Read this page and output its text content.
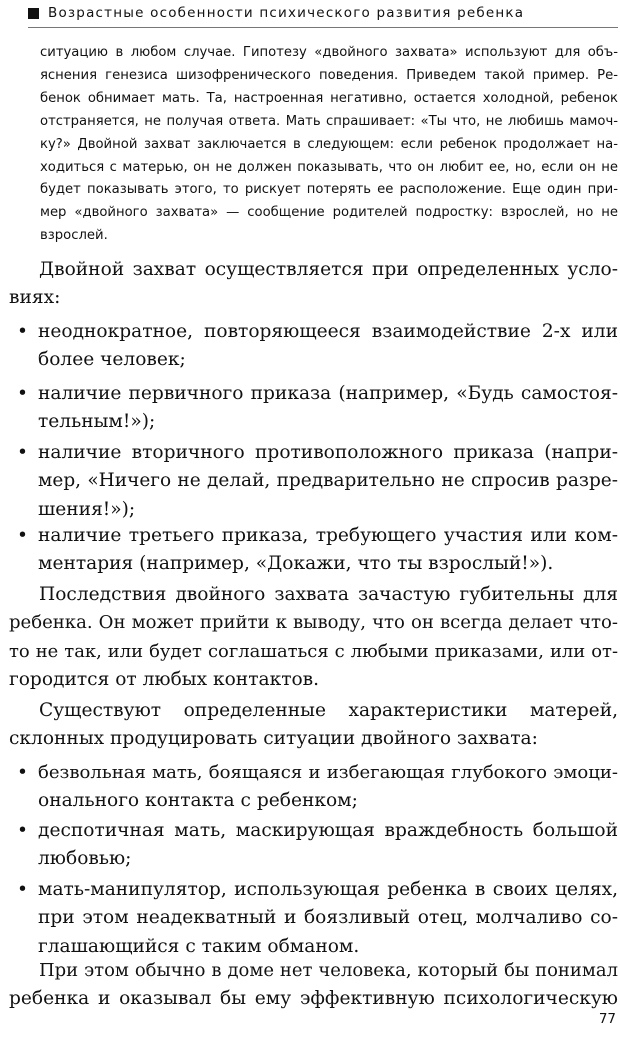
Возрастные особенности психического развития ребенка
ситуацию в любом случае. Гипотезу «двойного захвата» используют для объ-
яснения генезиса шизофренического поведения. Приведем такой пример. Ре-
бенок обнимает мать. Та, настроенная негативно, остается холодной, ребенок
отстраняется, не получая ответа. Мать спрашивает: «Ты что, не любишь мамоч-
ку?» Двойной захват заключается в следующем: если ребенок продолжает на-
ходиться с матерью, он не должен показывать, что он любит ее, но, если он не
будет показывать этого, то рискует потерять ее расположение. Еще один при-
мер «двойного захвата» — сообщение родителей подростку: взрослей, но не
взрослей.
Двойной захват осуществляется при определенных усло-
виях:
• неоднократное, повторяющееся взаимодействие 2-х или
более человек;
• наличие первичного приказа (например, «Будь самостоя-
тельным!»);
• наличие вторичного противоположного приказа (напри-
мер, «Ничего не делай, предварительно не спросив разре-
шения!»);
• наличие третьего приказа, требующего участия или ком-
ментария (например, «Докажи, что ты взрослый!»).
Последствия двойного захвата зачастую губительны для
ребенка. Он может прийти к выводу, что он всегда делает что-
то не так, или будет соглашаться с любыми приказами, или от-
городится от любых контактов.
Существуют определенные характеристики матерей,
склонных продуцировать ситуации двойного захвата:
• безвольная мать, боящаяся и избегающая глубокого эмоци-
онального контакта с ребенком;
• деспотичная мать, маскирующая враждебность большой
любовью;
• мать-манипулятор, использующая ребенка в своих целях,
при этом неадекватный и боязливый отец, молчаливо со-
глашающийся с таким обманом.
При этом обычно в доме нет человека, который бы понимал
ребенка и оказывал бы ему эффективную психологическую
77
